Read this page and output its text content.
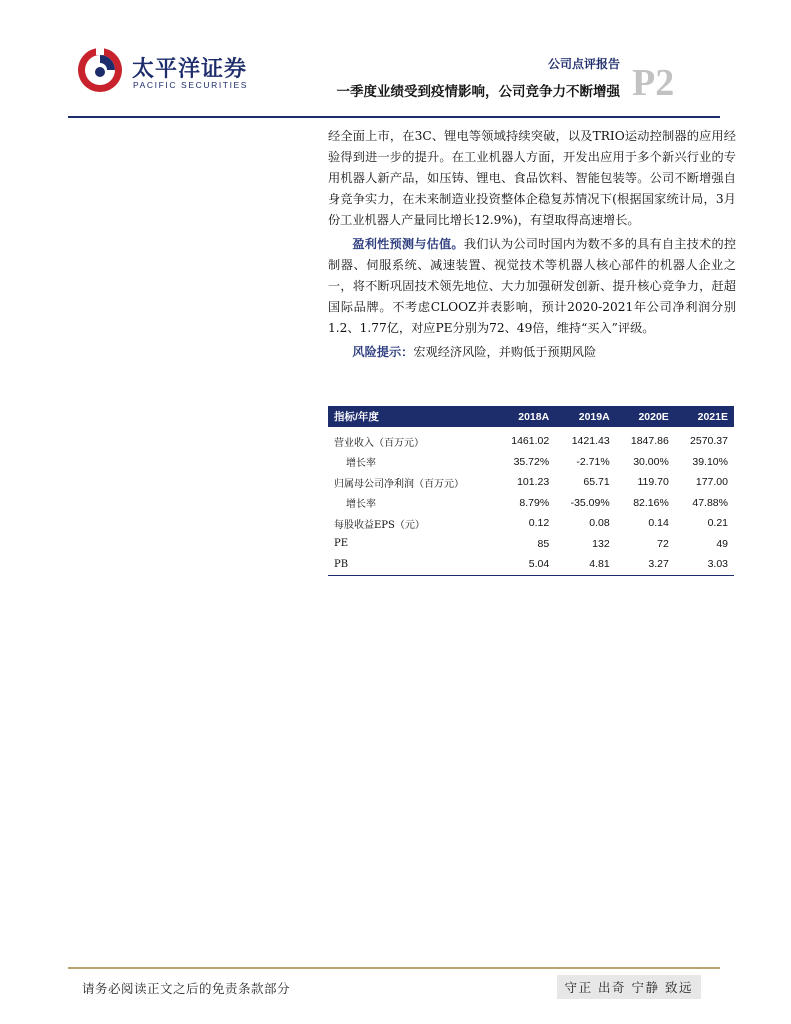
太平洋证券
PACIFIC SECURITIES
公司点评报告
一季度业绩受到疫情影响，公司竞争力不断增强 P2

经全面上市，在3C、锂电等领域持续突破，以及TRIO运动控制器的应用经验得到进一步的提升。在工业机器人方面，开发出应用于多个新兴行业的专用机器人新产品，如压铸、锂电、食品饮料、智能包装等。公司不断增强自身竞争实力，在未来制造业投资整体企稳复苏情况下(根据国家统计局，3月份工业机器人产量同比增长12.9%)，有望取得高速增长。

盈利性预测与估值。我们认为公司时国内为数不多的具有自主技术的控制器、伺服系统、减速装置、视觉技术等机器人核心部件的机器人企业之一，将不断巩固技术领先地位、大力加强研发创新、提升核心竞争力，赶超国际品牌。不考虑CLOOZ并表影响，预计2020-2021年公司净利润分别1.2、1.77亿，对应PE分别为72、49倍，维持“买入”评级。

风险提示：宏观经济风险，并购低于预期风险

指标/年度	2018A	2019A	2020E	2021E
营业收入（百万元）	1461.02	1421.43	1847.86	2570.37
增长率	35.72%	-2.71%	30.00%	39.10%
归属母公司净利润（百万元）	101.23	65.71	119.70	177.00
增长率	8.79%	-35.09%	82.16%	47.88%
每股收益EPS（元）	0.12	0.08	0.14	0.21
PE	85	132	72	49
PB	5.04	4.81	3.27	3.03
请务必阅读正文之后的免责条款部分	守正 出奇 宁静 致远
